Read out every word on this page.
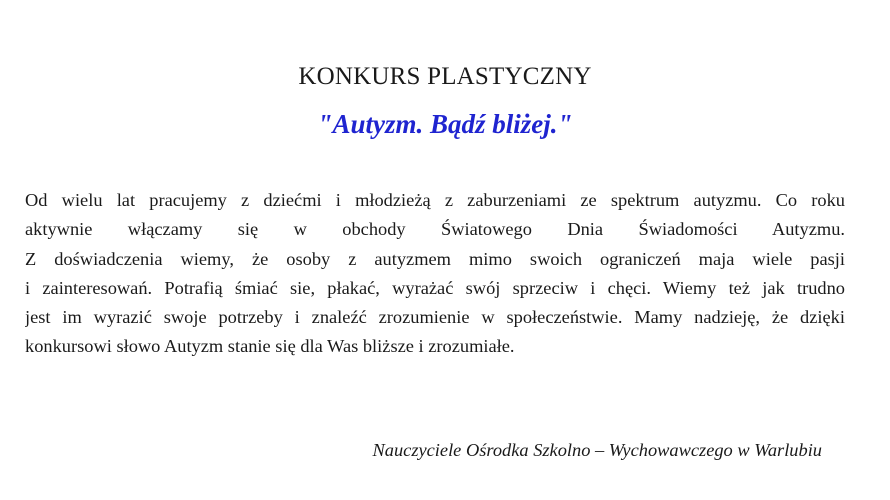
KONKURS PLASTYCZNY
"Autyzm. Bądź bliżej."
Od wielu lat pracujemy z dziećmi i młodzieżą z zaburzeniami ze spektrum autyzmu. Co roku
aktywnie włączamy się w obchody Światowego Dnia Świadomości Autyzmu.
Z doświadczenia wiemy, że osoby z autyzmem mimo swoich ograniczeń maja wiele pasji
i zainteresowań. Potrafią śmiać sie, płakać, wyrażać swój sprzeciw i chęci. Wiemy też jak trudno
jest im wyrazić swoje potrzeby i znaleźć zrozumienie w społeczeństwie. Mamy nadzieję, że dzięki
konkursowi słowo Autyzm stanie się dla Was bliższe i zrozumiałe.
Nauczyciele Ośrodka Szkolno – Wychowawczego w Warlubiu
